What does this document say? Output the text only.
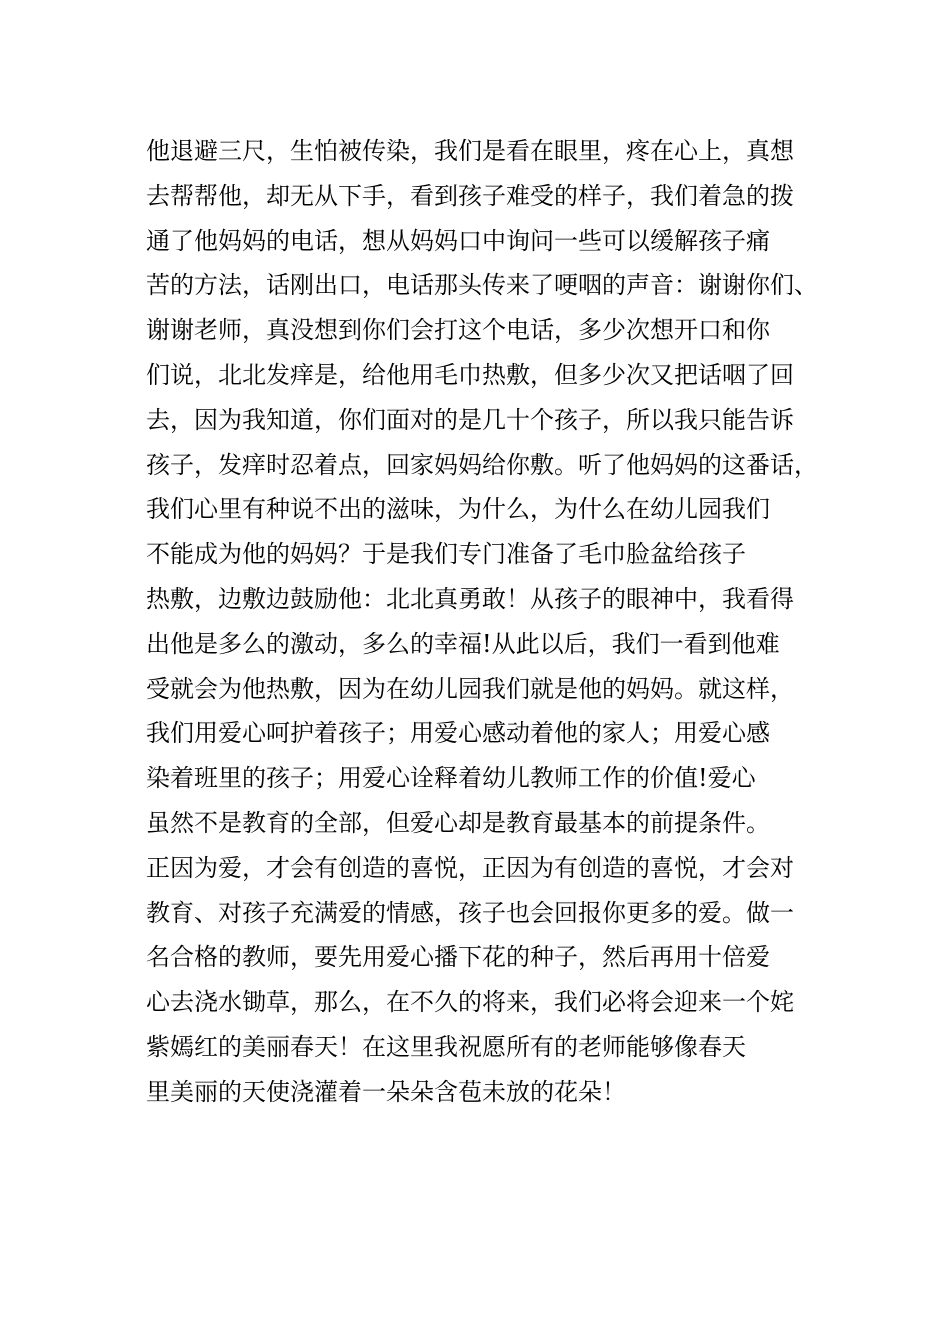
他退避三尺，生怕被传染，我们是看在眼里，疼在心上，真想
去帮帮他，却无从下手，看到孩子难受的样子，我们着急的拨
通了他妈妈的电话，想从妈妈口中询问一些可以缓解孩子痛
苦的方法，话刚出口，电话那头传来了哽咽的声音：谢谢你们、
谢谢老师，真没想到你们会打这个电话，多少次想开口和你
们说，北北发痒是，给他用毛巾热敷，但多少次又把话咽了回
去，因为我知道，你们面对的是几十个孩子，所以我只能告诉
孩子，发痒时忍着点，回家妈妈给你敷。听了他妈妈的这番话，
我们心里有种说不出的滋味，为什么，为什么在幼儿园我们
不能成为他的妈妈？于是我们专门准备了毛巾脸盆给孩子
热敷，边敷边鼓励他：北北真勇敢！从孩子的眼神中，我看得
出他是多么的激动，多么的幸福!从此以后，我们一看到他难
受就会为他热敷，因为在幼儿园我们就是他的妈妈。就这样，
我们用爱心呵护着孩子；用爱心感动着他的家人；用爱心感
染着班里的孩子；用爱心诠释着幼儿教师工作的价值!爱心
虽然不是教育的全部，但爱心却是教育最基本的前提条件。
正因为爱，才会有创造的喜悦，正因为有创造的喜悦，才会对
教育、对孩子充满爱的情感，孩子也会回报你更多的爱。做一
名合格的教师，要先用爱心播下花的种子，然后再用十倍爱
心去浇水锄草，那么，在不久的将来，我们必将会迎来一个姹
紫嫣红的美丽春天！在这里我祝愿所有的老师能够像春天
里美丽的天使浇灌着一朵朵含苞未放的花朵！
